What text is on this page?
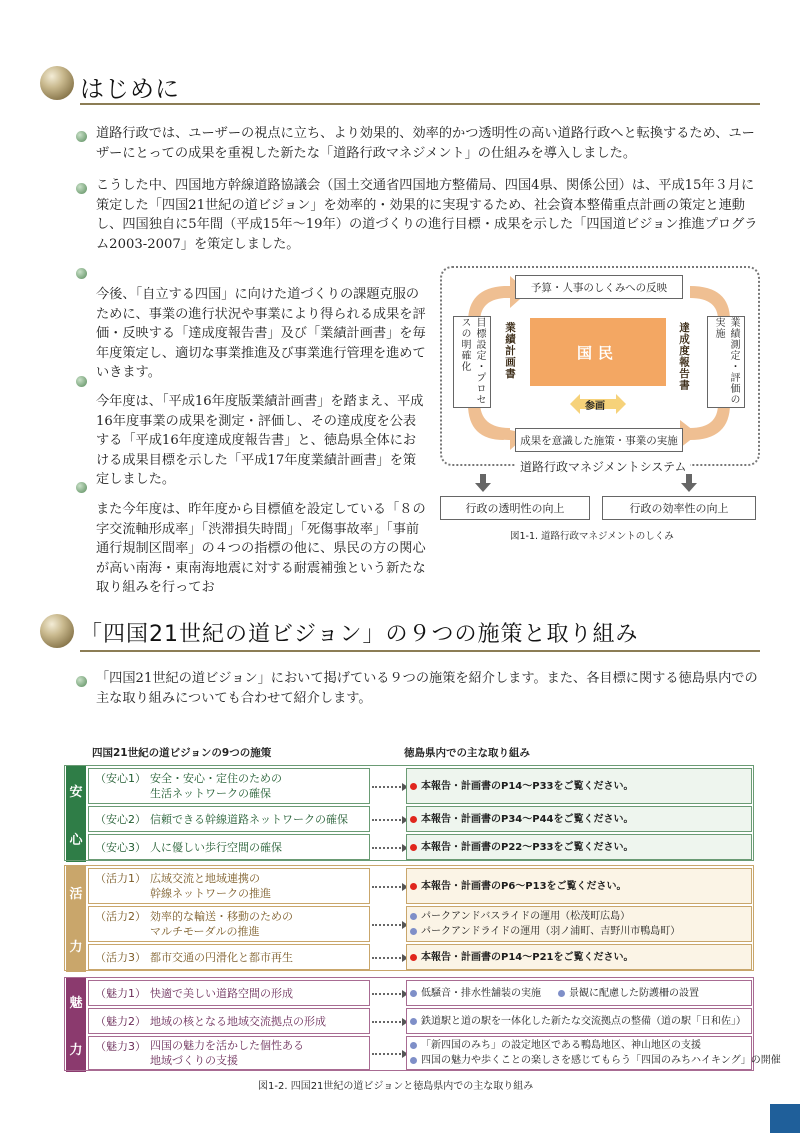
はじめに
道路行政では、ユーザーの視点に立ち、より効果的、効率的かつ透明性の高い道路行政へと転換するため、ユーザーにとっての成果を重視した新たな「道路行政マネジメント」の仕組みを導入しました。
こうした中、四国地方幹線道路協議会（国土交通省四国地方整備局、四国4県、関係公団）は、平成15年３月に策定した「四国21世紀の道ビジョン」を効率的・効果的に実現するため、社会資本整備重点計画の策定と連動し、四国独自に5年間（平成15年〜19年）の道づくりの進行目標・成果を示した「四国道ビジョン推進プログラム2003-2007」を策定しました。
今後、「自立する四国」に向けた道づくりの課題克服のために、事業の進行状況や事業により得られる成果を評価・反映する「達成度報告書」及び「業績計画書」を毎年度策定し、適切な事業推進及び事業進行管理を進めていきます。
今年度は、「平成16年度版業績計画書」を踏まえ、平成16年度事業の成果を測定・評価し、その達成度を公表する「平成16年度達成度報告書」と、徳島県全体における成果目標を示した「平成17年度業績計画書」を策定しました。
また今年度は、昨年度から目標値を設定している「８の字交流軸形成率」「渋滞損失時間」「死傷事故率」「事前通行規制区間率」の４つの指標の他に、県民の方の関心が高い南海・東南海地震に対する耐震補強という新たな取り組みを行ってお
予算・人事のしくみへの反映
成果を意識した施策・事業の実施
目標設定・プロセスの明確化	業績測定・評価の実施
業績計画書	達成度報告書
国民
参画
道路行政マネジメントシステム
行政の透明性の向上	行政の効率性の向上
図1-1. 道路行政マネジメントのしくみ
「四国21世紀の道ビジョン」の９つの施策と取り組み
「四国21世紀の道ビジョン」において掲げている９つの施策を紹介します。また、各目標に関する徳島県内での主な取り組みについても合わせて紹介します。
四国21世紀の道ビジョンの9つの施策	徳島県内での主な取り組み
安
心
活
力
魅
力
（安心1） 安全・安心・定住のための
生活ネットワークの確保
本報告・計画書のP14〜P33をご覧ください。
（安心2） 信頼できる幹線道路ネットワークの確保	本報告・計画書のP34〜P44をご覧ください。
（安心3） 人に優しい歩行空間の確保	本報告・計画書のP22〜P33をご覧ください。
（活力1） 広域交流と地域連携の
幹線ネットワークの推進
本報告・計画書のP6〜P13をご覧ください。
（活力2） 効率的な輸送・移動のための
マルチモーダルの推進
パークアンドバスライドの運用（松茂町広島）
パークアンドライドの運用（羽ノ浦町、吉野川市鴨島町）
（活力3） 都市交通の円滑化と都市再生	本報告・計画書のP14〜P21をご覧ください。
（魅力1） 快適で美しい道路空間の形成	低騒音・排水性舗装の実施	景観に配慮した防護柵の設置
（魅力2） 地域の核となる地域交流拠点の形成	鉄道駅と道の駅を一体化した新たな交流拠点の整備（道の駅「日和佐」）
（魅力3） 四国の魅力を活かした個性ある
地域づくりの支援
「新四国のみち」の設定地区である鴨島地区、神山地区の支援
四国の魅力や歩くことの楽しさを感じてもらう「四国のみちハイキング」の開催
図1-2. 四国21世紀の道ビジョンと徳島県内での主な取り組み
